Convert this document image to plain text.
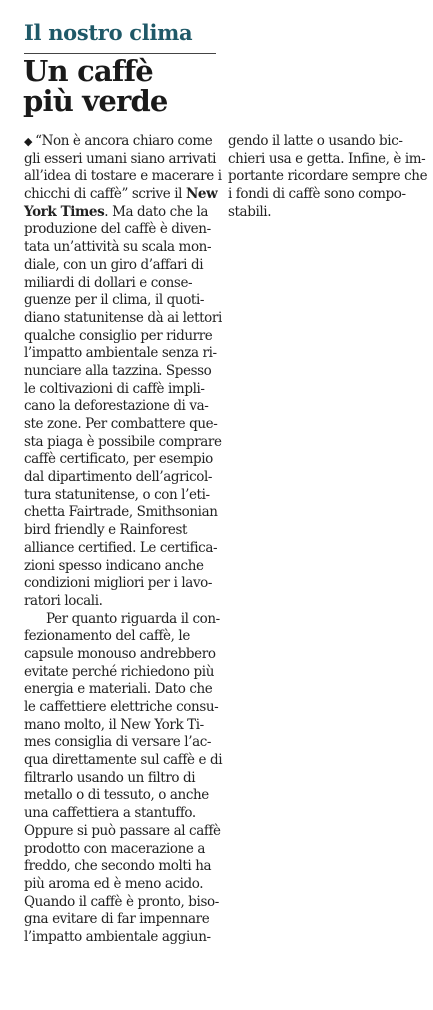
Il nostro clima
Un caffè
più verde
◆ “Non è ancora chiaro come
gli esseri umani siano arrivati
all’idea di tostare e macerare i
chicchi di caffè” scrive il New
York Times. Ma dato che la
produzione del caffè è diven-
tata un’attività su scala mon-
diale, con un giro d’affari di
miliardi di dollari e conse-
guenze per il clima, il quoti-
diano statunitense dà ai lettori
qualche consiglio per ridurre
l’impatto ambientale senza ri-
nunciare alla tazzina. Spesso
le coltivazioni di caffè impli-
cano la deforestazione di va-
ste zone. Per combattere que-
sta piaga è possibile comprare
caffè certificato, per esempio
dal dipartimento dell’agricol-
tura statunitense, o con l’eti-
chetta Fairtrade, Smithsonian
bird friendly e Rainforest
alliance certified. Le certifica-
zioni spesso indicano anche
condizioni migliori per i lavo-
ratori locali.
Per quanto riguarda il con-
fezionamento del caffè, le
capsule monouso andrebbero
evitate perché richiedono più
energia e materiali. Dato che
le caffettiere elettriche consu-
mano molto, il New York Ti-
mes consiglia di versare l’ac-
qua direttamente sul caffè e di
filtrarlo usando un filtro di
metallo o di tessuto, o anche
una caffettiera a stantuffo.
Oppure si può passare al caffè
prodotto con macerazione a
freddo, che secondo molti ha
più aroma ed è meno acido.
Quando il caffè è pronto, biso-
gna evitare di far impennare
l’impatto ambientale aggiun-
gendo il latte o usando bic-
chieri usa e getta. Infine, è im-
portante ricordare sempre che
i fondi di caffè sono compo-
stabili.
